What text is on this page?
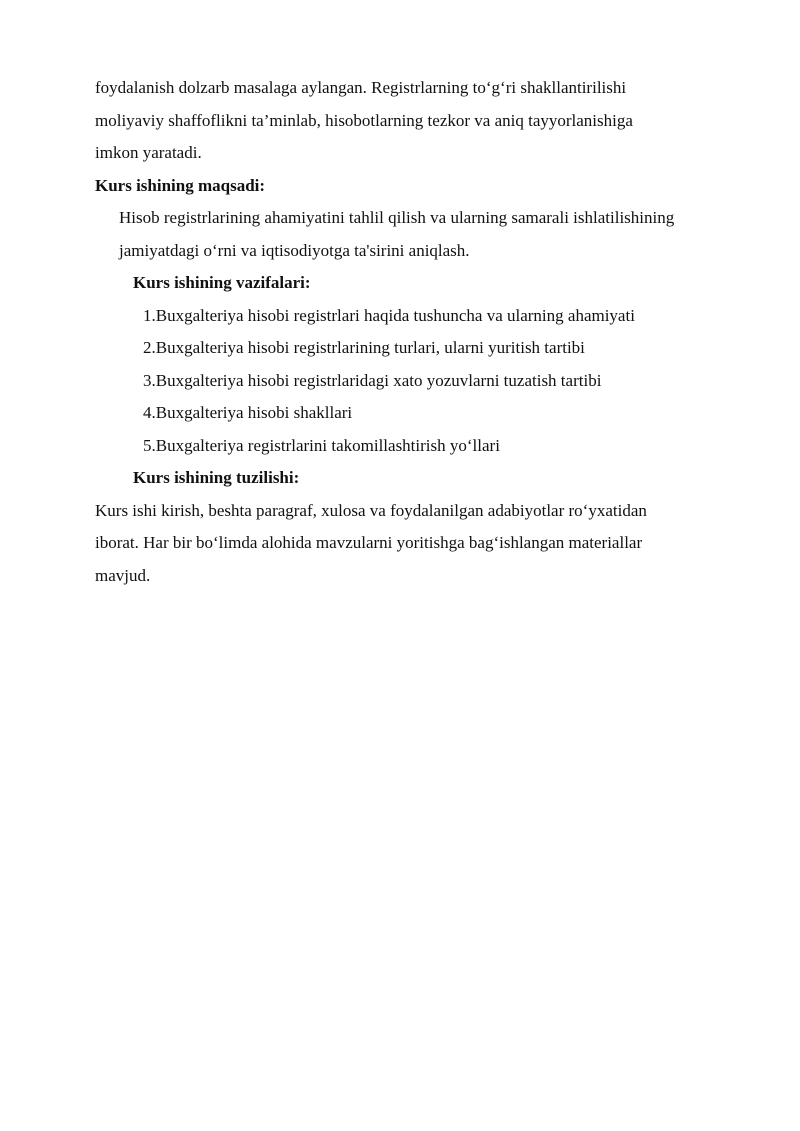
foydalanish dolzarb masalaga aylangan. Registrlarning to‘g‘ri shakllantirilishi
moliyaviy shaffoflikni ta’minlab, hisobotlarning tezkor va aniq tayyorlanishiga
imkon yaratadi.
Kurs ishining maqsadi:
Hisob registrlarining ahamiyatini tahlil qilish va ularning samarali ishlatilishining
jamiyatdagi o‘rni va iqtisodiyotga ta'sirini aniqlash.
Kurs ishining vazifalari:
1.Buxgalteriya hisobi registrlari haqida tushuncha va ularning ahamiyati
2.Buxgalteriya hisobi registrlarining turlari, ularni yuritish tartibi
3.Buxgalteriya hisobi registrlaridagi xato yozuvlarni tuzatish tartibi
4.Buxgalteriya hisobi shakllari
5.Buxgalteriya registrlarini takomillashtirish yo‘llari
Kurs ishining tuzilishi:
Kurs ishi kirish, beshta paragraf, xulosa va foydalanilgan adabiyotlar ro‘yxatidan
iborat. Har bir bo‘limda alohida mavzularni yoritishga bag‘ishlangan materiallar
mavjud.
